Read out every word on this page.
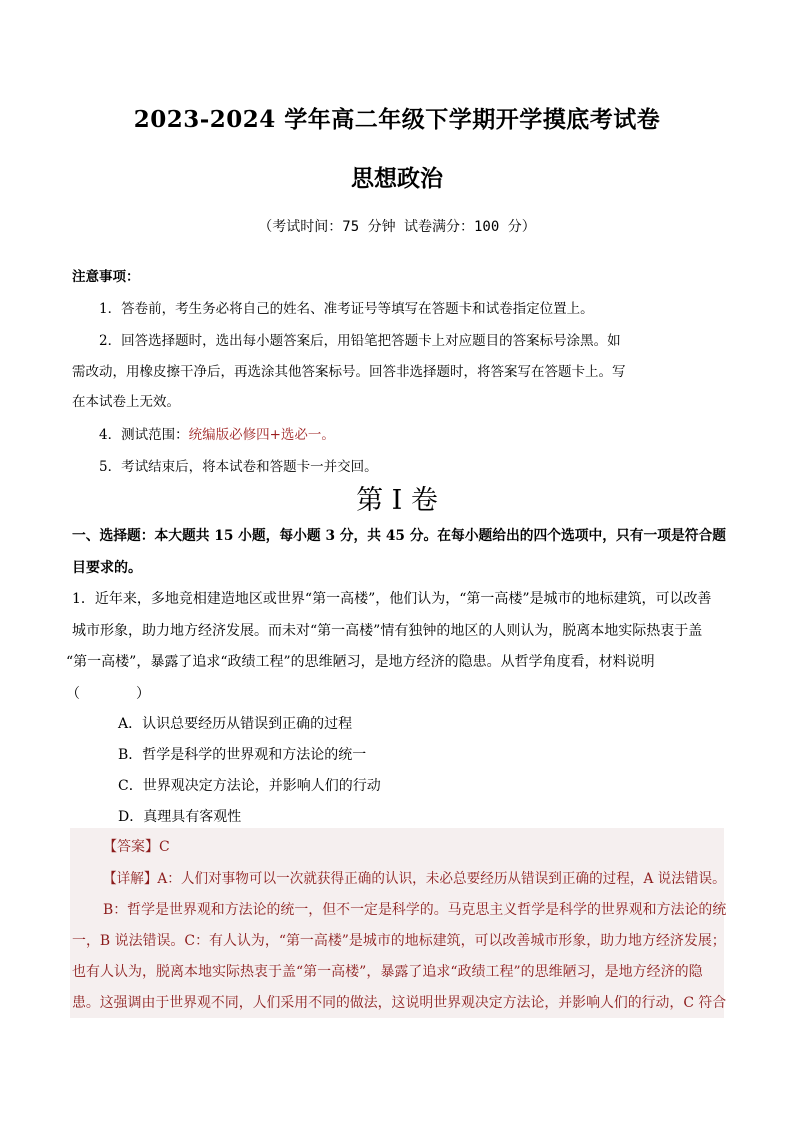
2023-2024 学年高二年级下学期开学摸底考试卷
思想政治
（考试时间：75 分钟 试卷满分：100 分）
注意事项：
1．答卷前，考生务必将自己的姓名、准考证号等填写在答题卡和试卷指定位置上。
2．回答选择题时，选出每小题答案后，用铅笔把答题卡上对应题目的答案标号涂黑。如
需改动，用橡皮擦干净后，再选涂其他答案标号。回答非选择题时，将答案写在答题卡上。写
在本试卷上无效。
4．测试范围：统编版必修四+选必一。
5．考试结束后，将本试卷和答题卡一并交回。
第 I 卷
一、选择题：本大题共 15 小题，每小题 3 分，共 45 分。在每小题给出的四个选项中，只有一项是符合题
目要求的。
1．近年来，多地竞相建造地区或世界“第一高楼”，他们认为，“第一高楼”是城市的地标建筑，可以改善
城市形象，助力地方经济发展。而未对“第一高楼”情有独钟的地区的人则认为，脱离本地实际热衷于盖
“第一高楼”，暴露了追求“政绩工程”的思维陋习，是地方经济的隐患。从哲学角度看，材料说明
（　　　　）
A．认识总要经历从错误到正确的过程
B．哲学是科学的世界观和方法论的统一
C．世界观决定方法论，并影响人们的行动
D．真理具有客观性
【答案】C
【详解】A：人们对事物可以一次就获得正确的认识，未必总要经历从错误到正确的过程，A 说法错误。
B：哲学是世界观和方法论的统一，但不一定是科学的。马克思主义哲学是科学的世界观和方法论的统
一，B 说法错误。C：有人认为，“第一高楼”是城市的地标建筑，可以改善城市形象，助力地方经济发展；
也有人认为，脱离本地实际热衷于盖“第一高楼”，暴露了追求“政绩工程”的思维陋习，是地方经济的隐
患。这强调由于世界观不同，人们采用不同的做法，这说明世界观决定方法论，并影响人们的行动，C 符合
